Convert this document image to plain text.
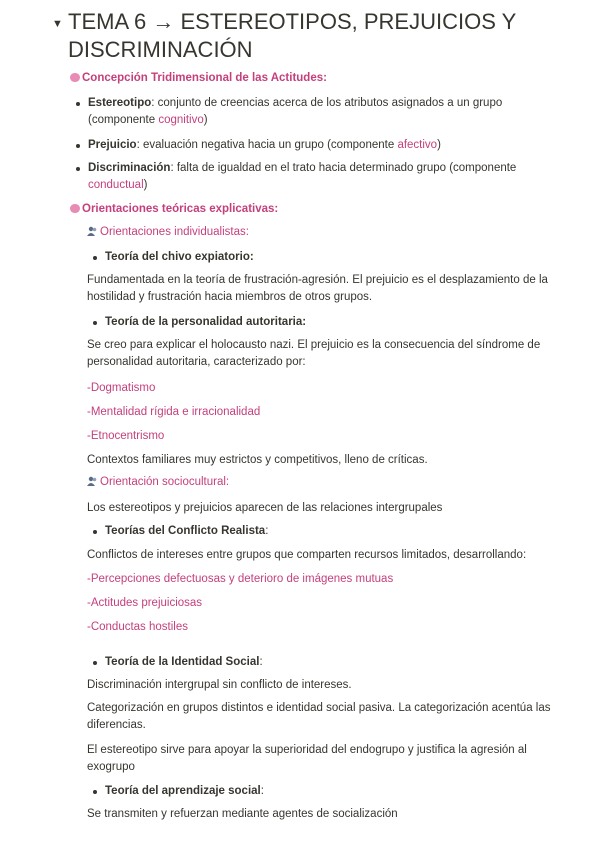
▼ TEMA 6 → ESTEREOTIPOS, PREJUICIOS Y DISCRIMINACIÓN
Concepción Tridimensional de las Actitudes:
Estereotipo: conjunto de creencias acerca de los atributos asignados a un grupo (componente cognitivo)
Prejuicio: evaluación negativa hacia un grupo (componente afectivo)
Discriminación: falta de igualdad en el trato hacia determinado grupo (componente conductual)
Orientaciones teóricas explicativas:
Orientaciones individualistas:
Teoría del chivo expiatorio:
Fundamentada en la teoría de frustración-agresión. El prejuicio es el desplazamiento de la hostilidad y frustración hacia miembros de otros grupos.
Teoría de la personalidad autoritaria:
Se creo para explicar el holocausto nazi. El prejuicio es la consecuencia del síndrome de personalidad autoritaria, caracterizado por:
-Dogmatismo
-Mentalidad rígida e irracionalidad
-Etnocentrismo
Contextos familiares muy estrictos y competitivos, lleno de críticas.
Orientación sociocultural:
Los estereotipos y prejuicios aparecen de las relaciones intergrupales
Teorías del Conflicto Realista:
Conflictos de intereses entre grupos que comparten recursos limitados, desarrollando:
-Percepciones defectuosas y deterioro de imágenes mutuas
-Actitudes prejuiciosas
-Conductas hostiles
Teoría de la Identidad Social:
Discriminación intergrupal sin conflicto de intereses.
Categorización en grupos distintos e identidad social pasiva. La categorización acentúa las diferencias.
El estereotipo sirve para apoyar la superioridad del endogrupo y justifica la agresión al exogrupo
Teoría del aprendizaje social:
Se transmiten y refuerzan mediante agentes de socialización
